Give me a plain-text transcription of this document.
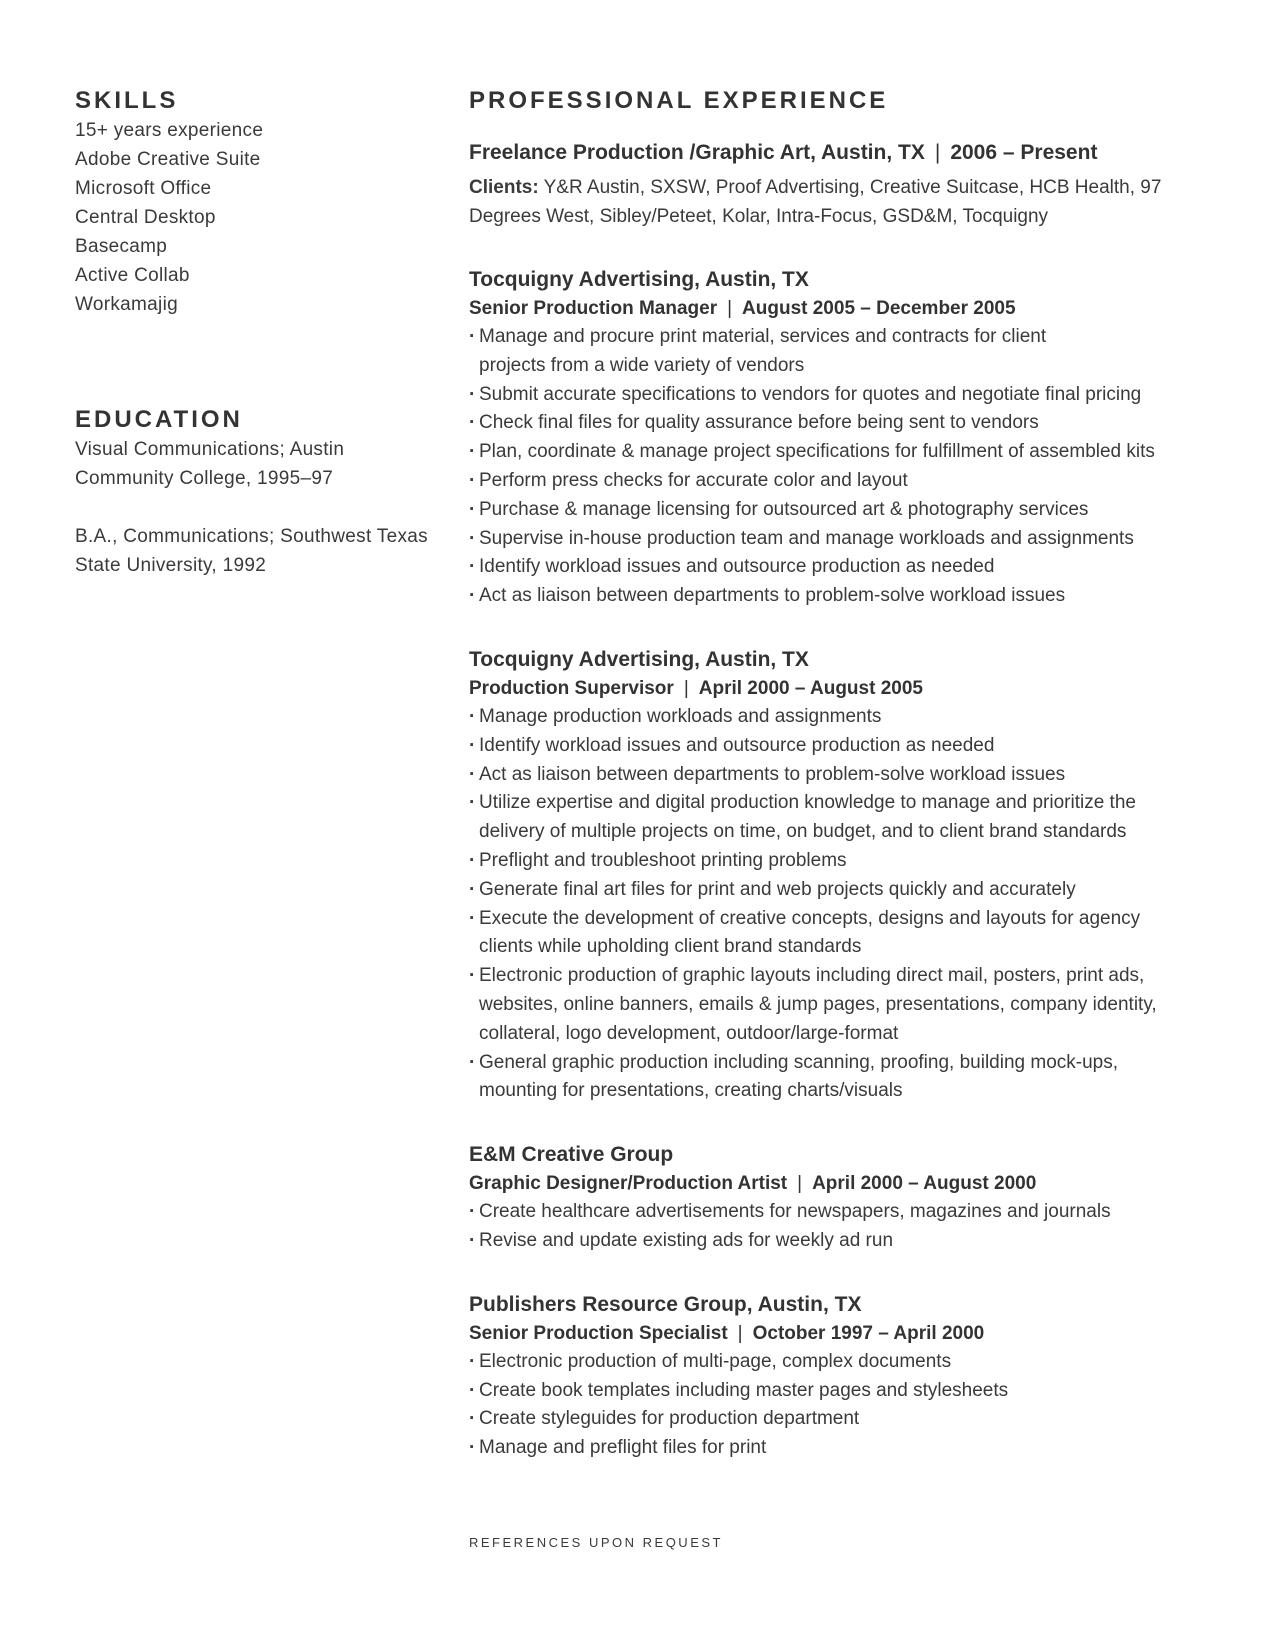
SKILLS
15+ years experience
Adobe Creative Suite
Microsoft Office
Central Desktop
Basecamp
Active Collab
Workamajig
EDUCATION

Visual Communications; Austin Community College, 1995–97

B.A., Communications; Southwest Texas State University, 1992

PROFESSIONAL EXPERIENCE

Freelance Production /Graphic Art, Austin, TX | 2006 – Present

Clients: Y&R Austin, SXSW, Proof Advertising, Creative Suitcase, HCB Health, 97 Degrees West, Sibley/Peteet, Kolar, Intra-Focus, GSD&M, Tocquigny

Tocquigny Advertising, Austin, TX

Senior Production Manager | August 2005 – December 2005

· Manage and procure print material, services and contracts for client projects from a wide variety of vendors
· Submit accurate specifications to vendors for quotes and negotiate final pricing
· Check final files for quality assurance before being sent to vendors
· Plan, coordinate & manage project specifications for fulfillment of assembled kits
· Perform press checks for accurate color and layout
· Purchase & manage licensing for outsourced art & photography services
· Supervise in-house production team and manage workloads and assignments
· Identify workload issues and outsource production as needed
· Act as liaison between departments to problem-solve workload issues

Tocquigny Advertising, Austin, TX

Production Supervisor | April 2000 – August 2005

· Manage production workloads and assignments
· Identify workload issues and outsource production as needed
· Act as liaison between departments to problem-solve workload issues
· Utilize expertise and digital production knowledge to manage and prioritize the delivery of multiple projects on time, on budget, and to client brand standards
· Preflight and troubleshoot printing problems
· Generate final art files for print and web projects quickly and accurately
· Execute the development of creative concepts, designs and layouts for agency clients while upholding client brand standards
· Electronic production of graphic layouts including direct mail, posters, print ads, websites, online banners, emails & jump pages, presentations, company identity, collateral, logo development, outdoor/large-format
· General graphic production including scanning, proofing, building mock-ups, mounting for presentations, creating charts/visuals

E&M Creative Group

Graphic Designer/Production Artist | April 2000 – August 2000

· Create healthcare advertisements for newspapers, magazines and journals
· Revise and update existing ads for weekly ad run

Publishers Resource Group, Austin, TX

Senior Production Specialist | October 1997 – April 2000

· Electronic production of multi-page, complex documents
· Create book templates including master pages and stylesheets
· Create styleguides for production department
· Manage and preflight files for print
REFERENCES UPON REQUEST
